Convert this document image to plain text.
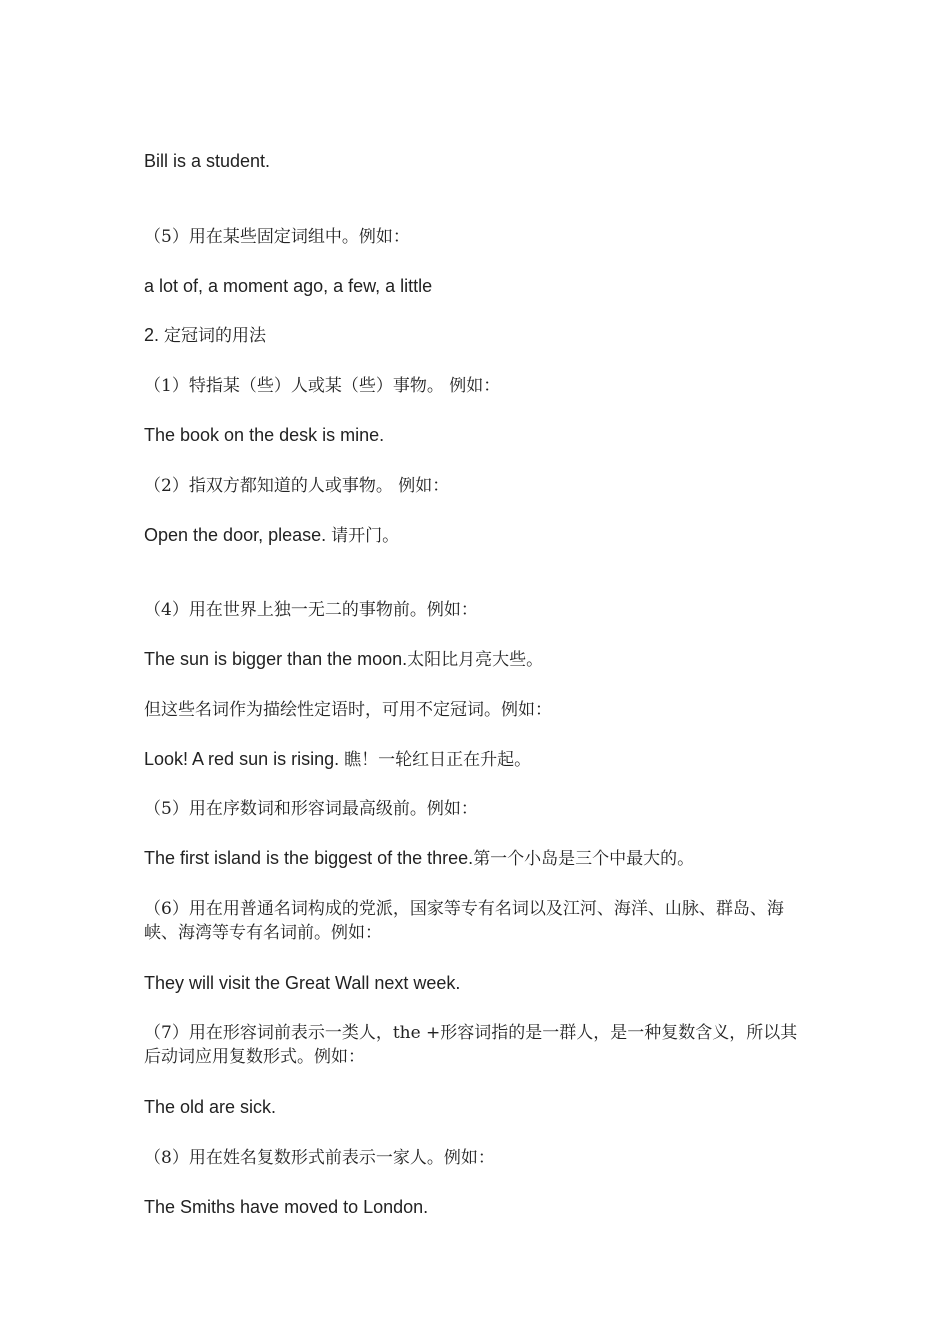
Bill is a student.
（5）用在某些固定词组中。例如：
a lot of, a moment ago, a few, a little
2. 定冠词的用法
（1）特指某（些）人或某（些）事物。 例如：
The book on the desk is mine.
（2）指双方都知道的人或事物。 例如：
Open the door, please. 请开门。
（4）用在世界上独一无二的事物前。例如：
The sun is bigger than the moon.太阳比月亮大些。
但这些名词作为描绘性定语时，可用不定冠词。例如：
Look! A red sun is rising. 瞧！一轮红日正在升起。
（5）用在序数词和形容词最高级前。例如：
The first island is the biggest of the three.第一个小岛是三个中最大的。
（6）用在用普通名词构成的党派，国家等专有名词以及江河、海洋、山脉、群岛、海峡、海湾等专有名词前。例如：
They will visit the Great Wall next week.
（7）用在形容词前表示一类人，the +形容词指的是一群人，是一种复数含义，所以其后动词应用复数形式。例如：
The old are sick.
（8）用在姓名复数形式前表示一家人。例如：
The Smiths have moved to London.
